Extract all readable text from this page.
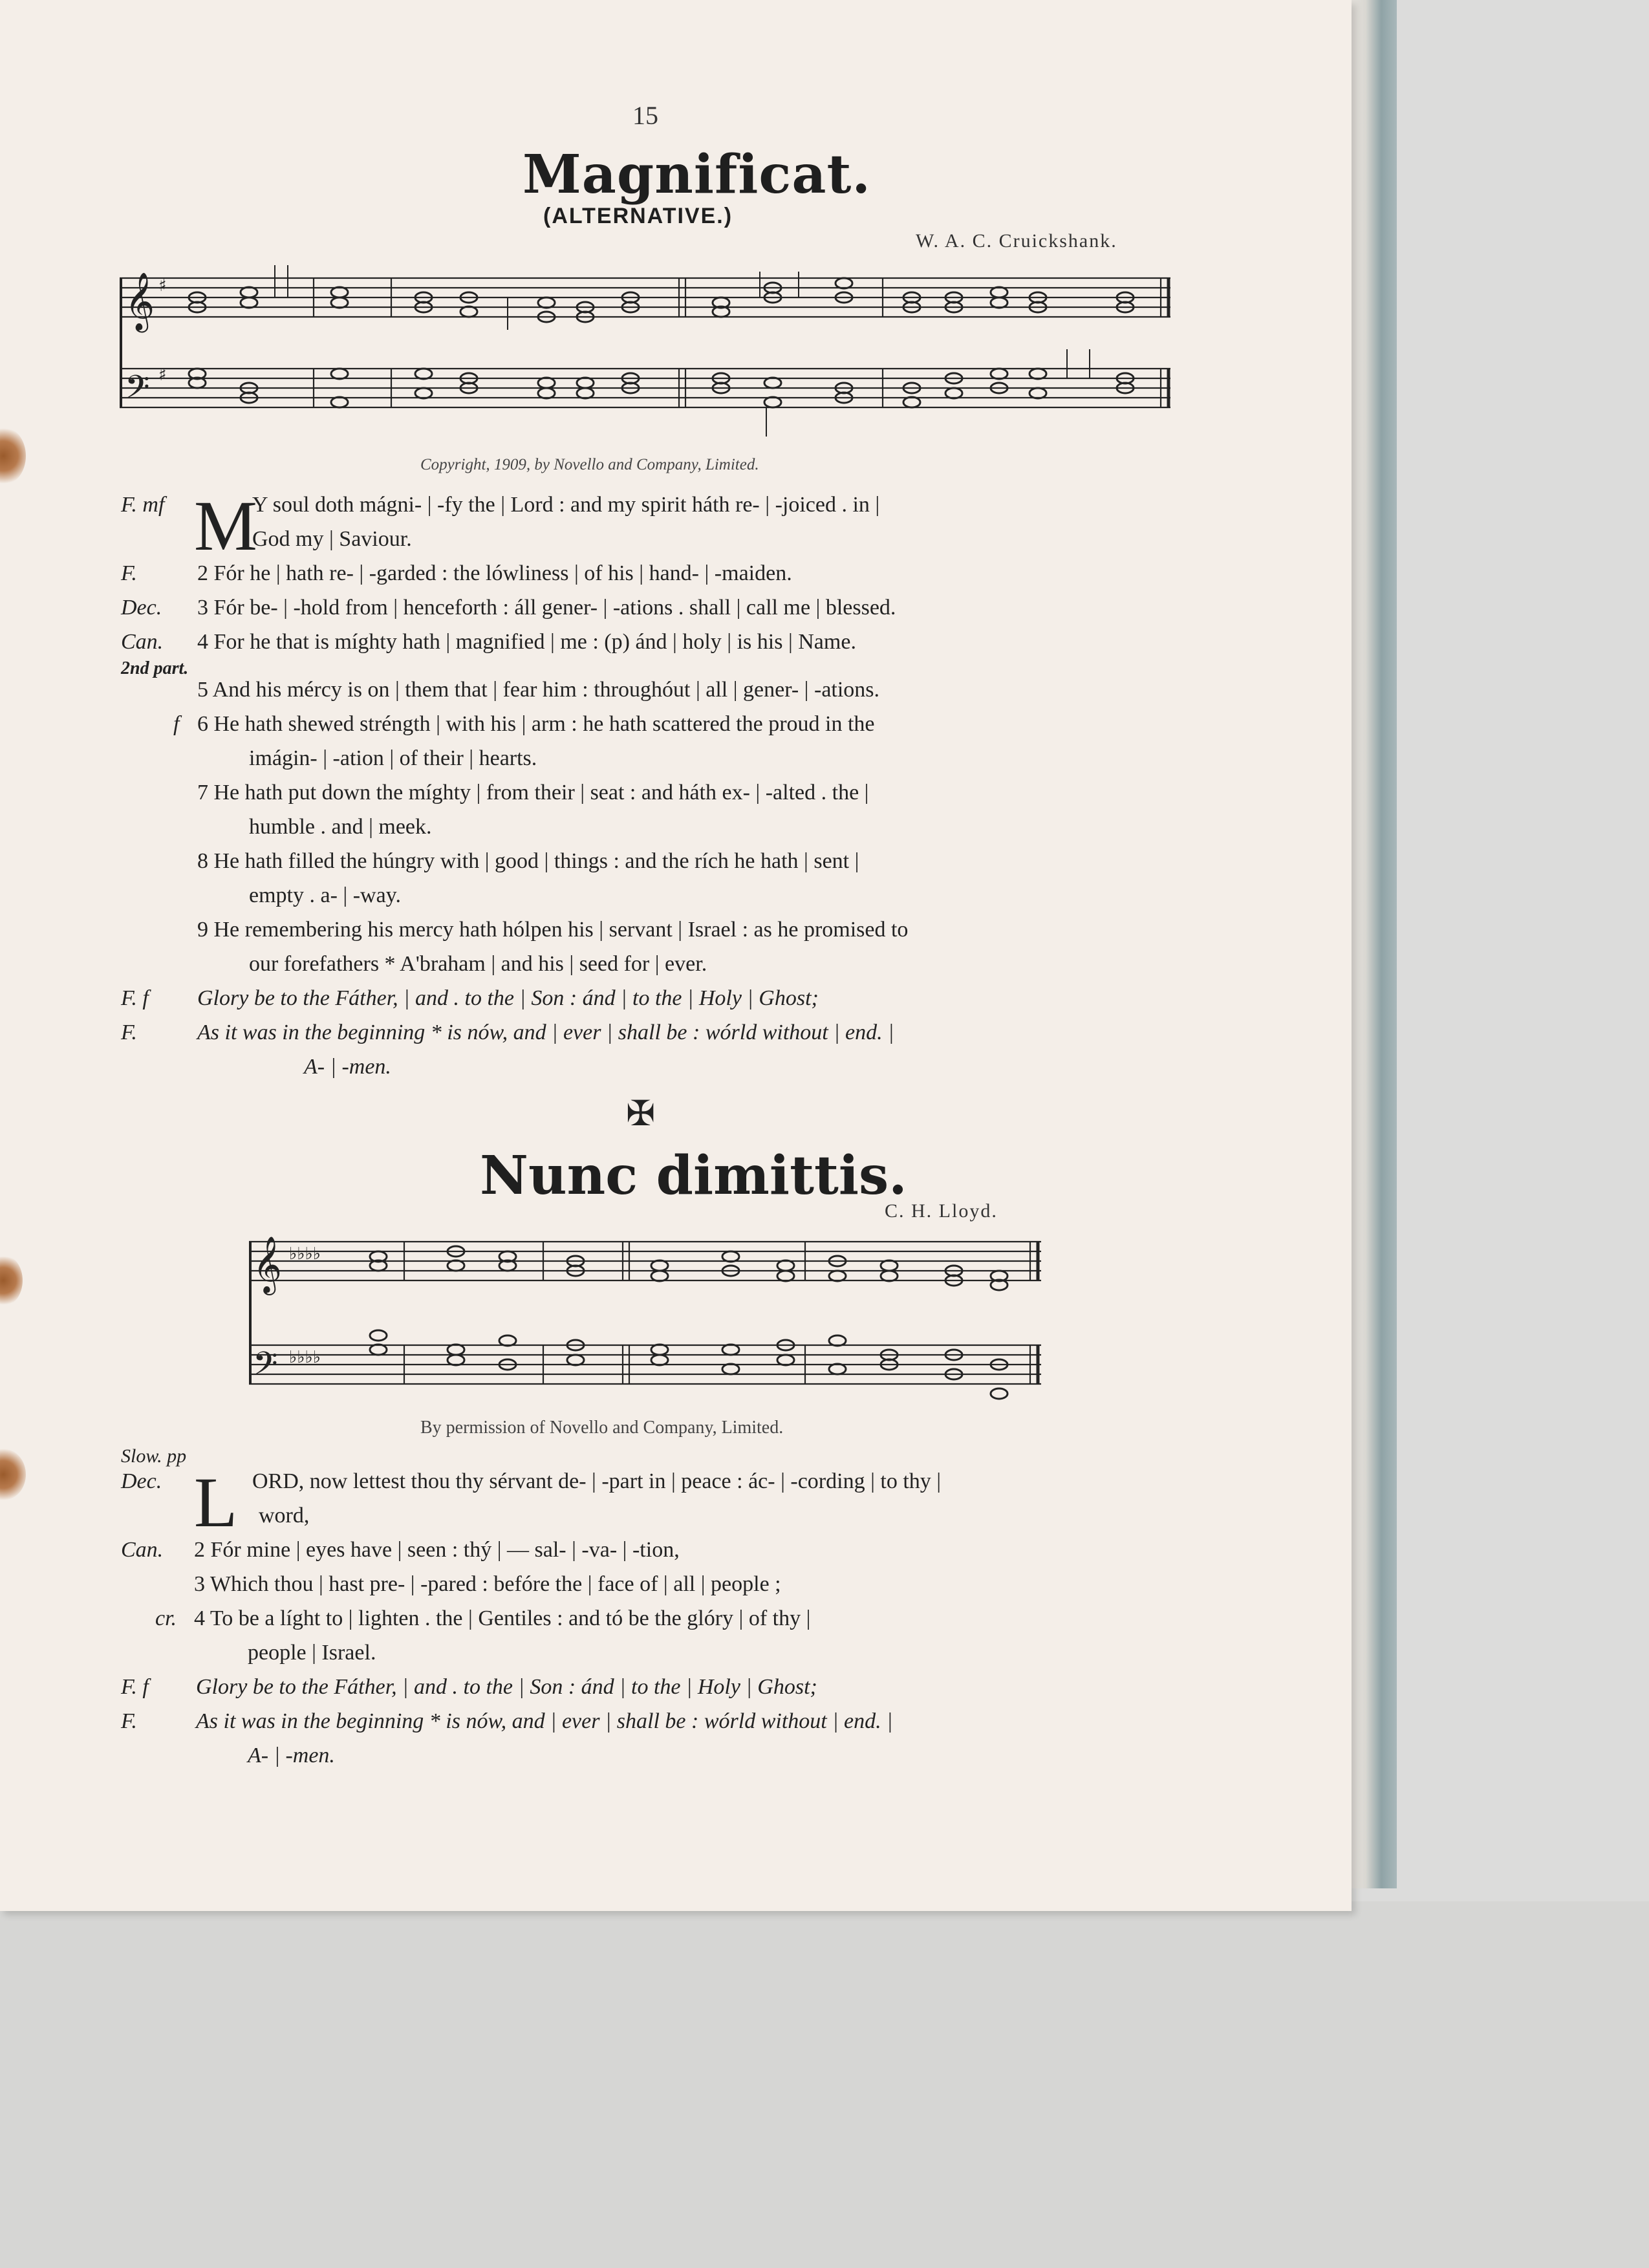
15
Magnificat.
(ALTERNATIVE.)
W. A. C. Cruickshank.
𝄞
𝄢
♯
♯
Copyright, 1909, by Novello and Company, Limited.
F. mf M
Y soul doth mágni- | -fy the | Lord : and my spirit háth re- | -joiced . in |
God my | Saviour.
F.	2 Fór he | hath re- | -garded : the lówliness | of his | hand- | -maiden.
Dec. 3 Fór be- | -hold from | henceforth : áll gener- | -ations . shall | call me | blessed.
Can. 4 For he that is míghty hath | magnified | me : (p) ánd | holy | is his | Name.
2nd part.
5 And his mércy is on | them that | fear him : throughóut | all | gener- | -ations.
f 6 He hath shewed stréngth | with his | arm : he hath scattered the proud in the
imágin- | -ation | of their | hearts.
7 He hath put down the míghty | from their | seat : and háth ex- | -alted . the |
humble . and | meek.
8 He hath filled the húngry with | good | things : and the rích he hath | sent |
empty . a- | -way.
9 He remembering his mercy hath hólpen his | servant | Israel : as he promised to
our forefathers * A'braham | and his | seed for | ever.
F. f Glory be to the Fáther, | and . to the | Son : ánd | to the | Holy | Ghost;
F.	As it was in the beginning * is nów, and | ever | shall be : wórld without | end. |
A- | -men.
✠
Nunc dimittis.
C. H. Lloyd.
𝄞
𝄢
♭♭♭♭
♭♭♭♭
By permission of Novello and Company, Limited.
Slow. pp
Dec. L ORD, now lettest thou thy sérvant de- | -part in | peace : ác- | -cording | to thy |
word,
Can. 2 Fór mine | eyes have | seen : thý | — sal- | -va- | -tion,
3 Which thou | hast pre- | -pared : befóre the | face of | all | people ;
cr. 4 To be a líght to | lighten . the | Gentiles : and tó be the glóry | of thy |
people | Israel.
F. f Glory be to the Fáther, | and . to the | Son : ánd | to the | Holy | Ghost;
F.	As it was in the beginning * is nów, and | ever | shall be : wórld without | end. |
A- | -men.
